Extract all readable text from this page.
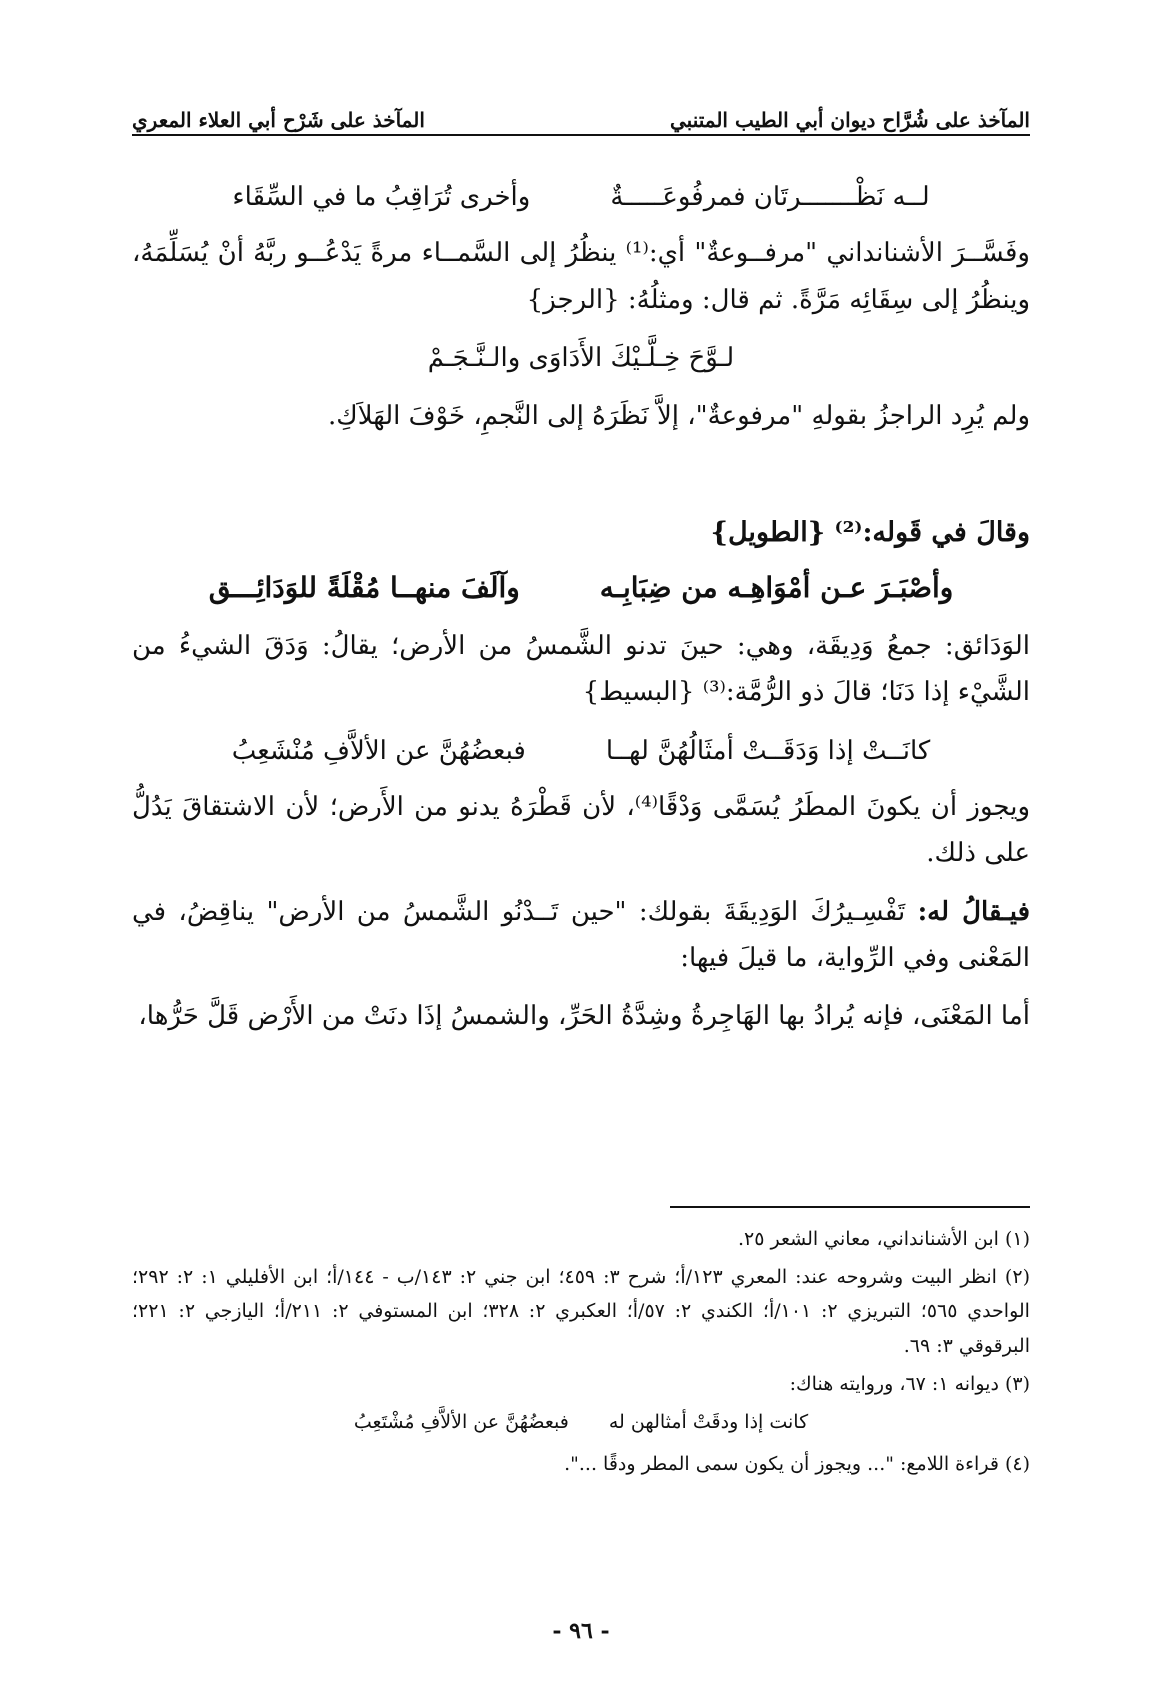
المآخذ على شُرَّاح ديوان أبي الطيب المتنبي
المآخذ على شَرْح أبي العلاء المعري
لــه نَظْـــــــرتَان فمرفُوعَـــــةٌ
وأخرى تُرَاقِبُ ما في السِّقَاء

وفَسَّــرَ الأشنانداني "مرفــوعةٌ" أي:⁽¹⁾ ينظُرُ إلى السَّمــاء مرةً يَدْعُــو ربَّهُ أنْ يُسَلِّمَهُ، وينظُرُ إلى سِقَائِه مَرَّةً. ثم قال: ومثلُهُ: {الرجز}

لـوَّحَ خِـلَّـيْكَ الأَدَاوَى والـنَّـجَـمْ

ولم يُرِد الراجزُ بقولهِ "مرفوعةٌ"، إلاَّ نَظَرَهُ إلى النَّجمِ، خَوْفَ الهَلاَكِ.

وقالَ في قَوله:⁽²⁾ {الطويل}

وأصْبَـرَ عـن أمْوَاهِـه من ضِبَابِـه
وآلَفَ منهــا مُقْلَةً للوَدَائِـــق

الوَدَائق: جمعُ وَدِيقَة، وهي: حينَ تدنو الشَّمسُ من الأرض؛ يقالُ: وَدَقَ الشيءُ من الشَّيْء إذا دَنَا؛ قالَ ذو الرُّمَّة:⁽³⁾ {البسيط}

كانَــتْ إذا وَدَقَــتْ أمثَالُهُنَّ لهــا
فبعضُهُنَّ عن الألاَّفِ مُنْشَعِبُ

ويجوز أن يكونَ المطَرُ يُسَمَّى وَدْقًا⁽⁴⁾، لأن قَطْرَهُ يدنو من الأَرض؛ لأن الاشتقاقَ يَدُلُّ على ذلك.

فيـقالُ له: تَفْسِـيرُكَ الوَدِيقَةَ بقولك: "حين تَــدْنُو الشَّمسُ من الأرض" يناقِضُ، في المَعْنى وفي الرِّواية، ما قيلَ فيها:

أما المَعْنَى، فإنه يُرادُ بها الهَاجِرةُ وشِدَّةُ الحَرِّ، والشمسُ إذَا دنَتْ من الأَرْض قَلَّ حَرُّها،

(١) ابن الأشنانداني، معاني الشعر ٢٥.

(٢) انظر البيت وشروحه عند: المعري ١٢٣/أ؛ شرح ٣: ٤٥٩؛ ابن جني ٢: ١٤٣/ب - ١٤٤/أ؛ ابن الأفليلي ١: ٢: ٢٩٢؛ الواحدي ٥٦٥؛ التبريزي ٢: ١٠١/أ؛ الكندي ٢: ٥٧/أ؛ العكبري ٢: ٣٢٨؛ ابن المستوفي ٢: ٢١١/أ؛ اليازجي ٢: ٢٢١؛ البرقوقي ٣: ٦٩.

(٣) ديوانه ١: ٦٧، وروايته هناك:

كانت إذا ودقَتْ أمثالهن له
فبعضُهُنَّ عن الألاَّفِ مُشْتَعِبُ

(٤) قراءة اللامع: "... ويجوز أن يكون سمى المطر ودقًا ...".

- ٩٦ -
